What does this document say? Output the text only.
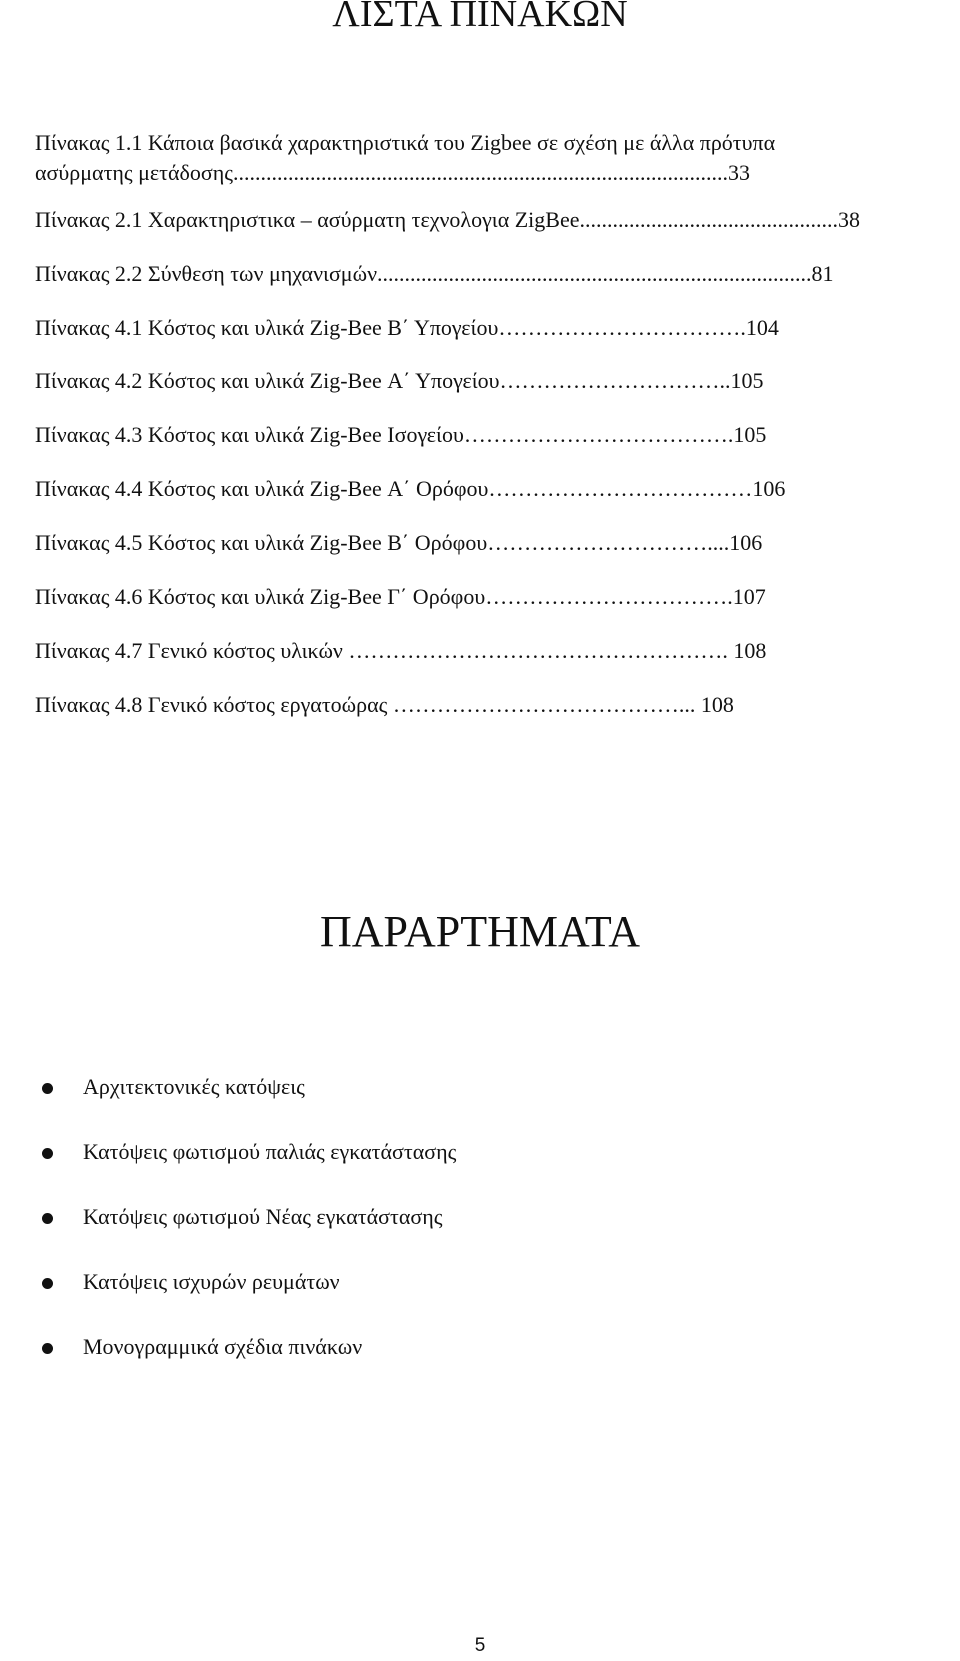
ΛΙΣΤΑ ΠΙΝΑΚΩΝ
Πίνακας 1.1 Κάποια βασικά χαρακτηριστικά του Zigbee σε σχέση με άλλα πρότυπα
ασύρματης μετάδοσης..........................................................................................33
Πίνακας 2.1 Χαρακτηριστικα – ασύρματη τεχνολογια ZigBee...............................................38
Πίνακας 2.2 Σύνθεση των μηχανισμών...............................................................................81
Πίνακας 4.1 Κόστος και υλικά Zig-Bee Β΄ Υπογείου…………………………….104
Πίνακας 4.2 Κόστος και υλικά Zig-Bee Α΄ Υπογείου…………………………..105
Πίνακας 4.3 Κόστος και υλικά Zig-Bee Ισογείου……………………………….105
Πίνακας 4.4 Κόστος και υλικά Zig-Bee Α΄ Ορόφου………………………………106
Πίνακας 4.5 Κόστος και υλικά Zig-Bee Β΄ Ορόφου…………………………....106
Πίνακας 4.6 Κόστος και υλικά Zig-Bee Γ΄ Ορόφου…………………………….107
Πίνακας 4.7 Γενικό κόστος υλικών ……………………………………………. 108
Πίνακας 4.8 Γενικό κόστος εργατοώρας …………………………………... 108
ΠΑΡΑΡΤΗΜΑΤΑ
Αρχιτεκτονικές κατόψεις
Κατόψεις φωτισμού παλιάς εγκατάστασης
Κατόψεις φωτισμού Νέας εγκατάστασης
Κατόψεις ισχυρών ρευμάτων
Μονογραμμικά σχέδια πινάκων
5
